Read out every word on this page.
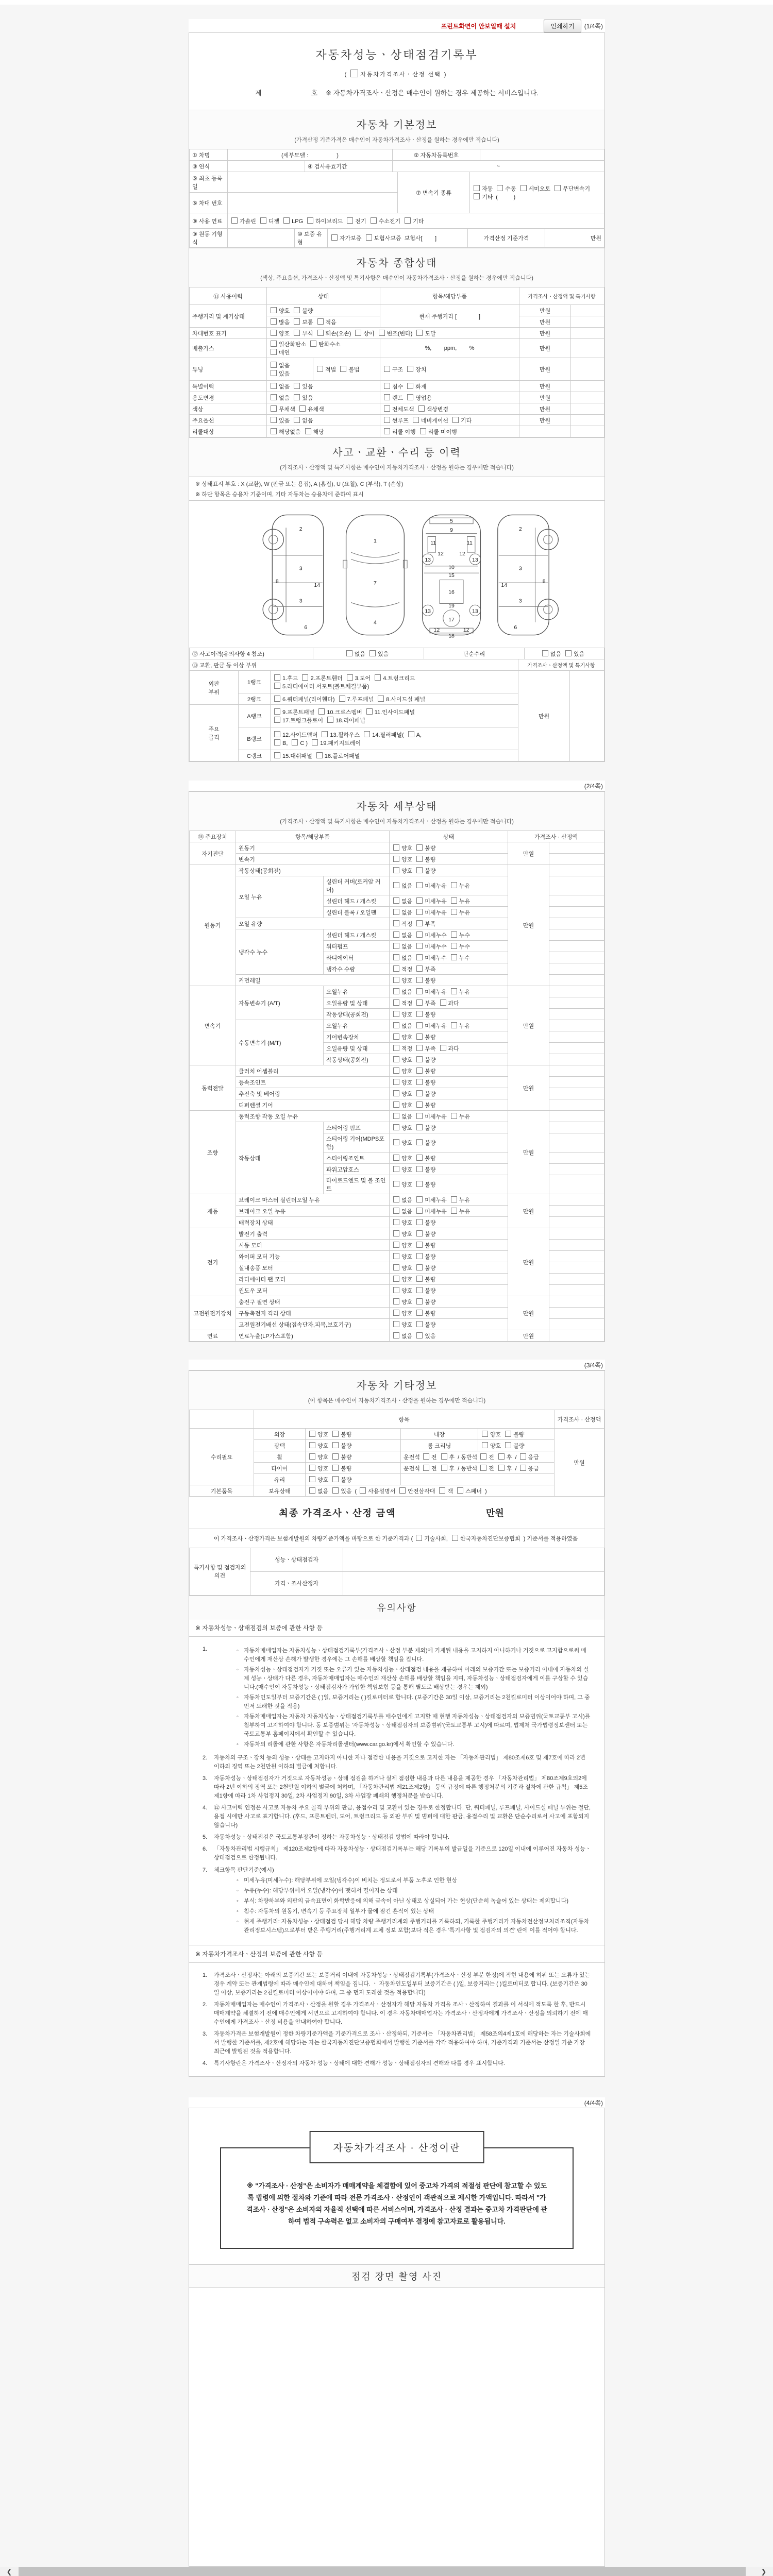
프린트화면이 안보일때 설치	인쇄하기	(1/4쪽)
자동차성능ㆍ상태점검기록부
( 자동차가격조사ㆍ산정 선택 )
제	호 ※ 자동차가격조사ㆍ산정은 매수인이 원하는 경우 제공하는 서비스입니다.
자동차 기본정보
(가격산정 기준가격은 매수인이 자동차가격조사ㆍ산정을 원하는 경우에만 적습니다)
① 차명	(세부모델 :                  )	② 자동차등록번호	
③ 연식		④ 검사유효기간	~
⑤ 최초 등록일		⑦ 변속기 종류	자동 수동 세미오토 무단변속기
기타 (          )
⑥ 차대 번호			
⑧ 사용 연료	가솔린 디젤 LPG 하이브리드 전기 수소전기 기타
⑨ 원동 기형식		⑩ 보증 유형	자가보증 보험사보증 보험사[        ]	가격산정 기준가격	만원
자동차 종합상태
(색상, 주요옵션, 가격조사ㆍ산정액 및 특기사항은 매수인이 자동차가격조사ㆍ산정을 원하는 경우에만 적습니다)
⑪ 사용이력	상태		항목/해당부품	가격조사ㆍ산정액 및 특기사항	
주행거리 및 계기상태	양호 불량		현재 주행거리 [              ]	만원	
	많음 보통 적음			만원	
차대번호 표기	양호 부식 훼손(오손) 상이 변조(변타) 도말			만원	
배출가스	일산화탄소 탄화수소
매연		%,        ppm,        %	만원	
튜닝	없음
있음	적법 불법	구조 장치	만원	
특별이력	없음 있음		침수 화재	만원	
용도변경	없음 있음		렌트 영업용	만원	
색상	무채색 유채색		전체도색 색상변경	만원	
주요옵션	있음 없음		썬루프 네비게이션 기타	만원	
리콜대상	해당없음 해당		리콜 이행 리콜 미이행		
사고ㆍ교환ㆍ수리 등 이력
(가격조사ㆍ산정액 및 특기사항은 매수인이 자동차가격조사ㆍ산정을 원하는 경우에만 적습니다)
※ 상태표시 부호 : X (교환), W (판금 또는 용접), A (흠집), U (요철), C (부식), T (손상)
※ 하단 항목은 승용차 기준이며, 기타 자동차는 승용차에 준하여 표시
2
3
8
14
3
6
1
7
4
5
9
11	11
12	12
13	13
10
15
16
19
13	13
17
12	12
18
2
3
8
14
3
6
⑫ 사고이력(유의사항 4 참조)	없음 있음	단순수리	없음 있음
⑬ 교환, 판금 등 이상 부위			가격조사ㆍ산정액 및 특기사항	

외판
부위
	1랭크	1.후드 2.프론트휀더 3.도어 4.트렁크리드
5.라디에이터 서포트(볼트체결부품)	만원	
	2랭크	6.쿼터패널(리어휀다) 7.루프패널 8.사이드실 패널		

주요
골격
	A랭크	9.프론트패널 10.크로스멤버 11.인사이드패널
17.트렁크플로어 18.리어패널
	B랭크	12.사이드멤버 13.휠하우스 14.필러패널( A,
B, C ) 19.패키지트레이		
	C랭크	15.대쉬패널 16.플로어패널		
(2/4쪽)
자동차 세부상태
(가격조사ㆍ산정액 및 특기사항은 매수인이 자동차가격조사ㆍ산정을 원하는 경우에만 적습니다)
⑭ 주요장치	항목/해당부품		상태	가격조사 · 산정액	
자기진단	원동기		양호 불량	만원	
	변속기		양호 불량		
원동기	작동상태(공회전)		양호 불량	만원	
	오일 누유	실린더 커버(로커암 커버)	없음 미세누유 누유		
		실린더 헤드 / 개스킷	없음 미세누유 누유		
		실린더 블록 / 오일팬	없음 미세누유 누유		
	오일 유량		적정 부족		
	냉각수 누수	실린더 헤드 / 개스킷	없음 미세누수 누수		
		워터펌프	없음 미세누수 누수		
		라디에이터	없음 미세누수 누수		
		냉각수 수량	적정 부족		
	커먼레일		양호 불량		
변속기	자동변속기 (A/T)	오일누유	없음 미세누유 누유	만원	
		오일유량 및 상태	적정 부족 과다		
		작동상태(공회전)	양호 불량		
	수동변속기 (M/T)	오일누유	없음 미세누유 누유		
		기어변속장치	양호 불량		
		오일유량 및 상태	적정 부족 과다		
		작동상태(공회전)	양호 불량		
동력전달	클러치 어셈블리		양호 불량	만원	
	등속조인트		양호 불량		
	추진축 및 베어링		양호 불량		
	디퍼렌셜 기어		양호 불량		
조향	동력조향 작동 오일 누유		없음 미세누유 누유	만원	
	작동상태	스티어링 펌프	양호 불량		
		스티어링 기어(MDPS포함)	양호 불량		
		스티어링조인트	양호 불량		
		파워고압호스	양호 불량		
		타이로드엔드 및 볼 조인트	양호 불량		
제동	브레이크 마스터 실린더오일 누유		없음 미세누유 누유	만원	
	브레이크 오일 누유		없음 미세누유 누유		
	배력장치 상태		양호 불량		
전기	발전기 출력		양호 불량	만원	
	시동 모터		양호 불량		
	와이퍼 모터 기능		양호 불량		
	실내송풍 모터		양호 불량		
	라디에이터 팬 모터		양호 불량		
	윈도우 모터		양호 불량		
고전원전기장치	충전구 절연 상태		양호 불량	만원	
	구동축전지 격리 상태		양호 불량		
	고전원전기배선 상태(접속단자,피복,보호기구)		양호 불량		
연료	연료누출(LP가스포함)		없음 있음	만원	
(3/4쪽)
자동차 기타정보
(이 항목은 매수인이 자동차가격조사ㆍ산정을 원하는 경우에만 적습니다)
	항목				가격조사 · 산정액
수리필요	외장	양호 불량	내장	양호 불량	만원
	광택	양호 불량	룸 크리닝	양호 불량	
	휠	양호 불량	운전석 전 후 / 동반석 전 후 / 응급		
	타이어	양호 불량	운전석 전 후 / 동반석 전 후 / 응급		
	유리	양호 불량			
기본품목	보유상태	없음 있음 ( 사용설명서 안전삼각대 잭 스패너 )			
최종 가격조사ㆍ산정 금액	만원
이 가격조사ㆍ산정가격은 보험개발원의 차량기준가액을 바탕으로 한 기준가격과 ( 기술사회, 한국자동차진단보증협회 ) 기준서를 적용하였음
특기사항 및 점검자의 의견	성능ㆍ상태점검자	
	가격ㆍ조사산정자	
유의사항
※ 자동차성능ㆍ상태점검의 보증에 관한 사항 등
1.	◦ 자동차매매업자는 자동차성능ㆍ상태점검기록부(가격조사ㆍ산정 부분 제외)에 기재된 내용을 고지하지 아니하거나 거짓으로 고지함으로써 매수인에게 재산상 손해가 발생한 경우에는 그 손해를 배상할 책임을 집니다.
◦ 자동차성능ㆍ상태점검자가 거짓 또는 오류가 있는 자동차성능ㆍ상태점검 내용을 제공하여 아래의 보증기간 또는 보증거리 이내에 자동차의 실제 성능ㆍ상태가 다른 경우, 자동차매매업자는 매수인의 재산상 손해를 배상할 책임을 지며, 자동차성능ㆍ상태점검자에게 이를 구상할 수 있습니다.(매수인이 자동차성능ㆍ상태점검자가 가입한 책임보험 등을 통해 별도로 배상받는 경우는 제외)
◦ 자동차인도일부터 보증기간은 ( )일, 보증거리는 ( )킬로미터로 합니다. (보증기간은 30일 이상, 보증거리는 2천킬로미터 이상이어야 하며, 그 중 먼저 도래한 것을 적용)
◦ 자동차매매업자는 자동차 자동차성능ㆍ상태점검기록부를 매수인에게 고지할 때 현행 자동차성능ㆍ상태점검자의 보증범위(국토교통부 고시)를 첨부하여 고지하여야 합니다. 동 보증범위는 '자동차성능ㆍ상태점검자의 보증범위'(국토교통부 고시)에 따르며, 법제처 국가법령정보센터 또는 국토교통부 홈페이지에서 확인할 수 있습니다.
◦ 자동차의 리콜에 관한 사항은 자동차리콜센터(www.car.go.kr)에서 확인할 수 있습니다.
2.	자동차의 구조ㆍ장치 등의 성능ㆍ상태를 고지하지 아니한 자나 점검한 내용을 거짓으로 고지한 자는 「자동차관리법」 제80조제6호 및 제7호에 따라 2년 이하의 징역 또는 2천만원 이하의 벌금에 처합니다.
3.	자동차성능ㆍ상태점검자가 거짓으로 자동차성능ㆍ상태 점검을 하거나 실제 점검한 내용과 다른 내용을 제공한 경우 「자동차관리법」 제80조제9호의2에 따라 2년 이하의 징역 또는 2천만원 이하의 벌금에 처하며, 「자동차관리법 제21조제2항」 등의 규정에 따른 행정처분의 기준과 절차에 관한 규칙」 제5조제1항에 따라 1차 사업정지 30일, 2차 사업정지 90일, 3차 사업장 폐쇄의 행정처분을 받습니다.
4.	⑫ 사고이력 인정은 사고로 자동차 주요 골격 부위의 판금, 용접수리 및 교환이 있는 경우로 한정합니다. 단, 쿼터패널, 루프패널, 사이드실 패널 부위는 절단, 용접 시에만 사고로 표기합니다. (후드, 프론트펜더, 도어, 트렁크리드 등 외판 부위 및 범퍼에 대한 판금, 용접수리 및 교환은 단순수리로서 사고에 포함되지 않습니다)
5.	자동차성능ㆍ상태점검은 국토교통부장관이 정하는 자동차성능ㆍ상태점검 방법에 따라야 합니다.
6.	「자동차관리법 시행규칙」 제120조제2항에 따라 자동차성능ㆍ상태점검기록부는 해당 기록부의 발급일을 기준으로 120일 이내에 이루어진 자동차 성능ㆍ상태점검으로 한정됩니다.
7.	체크항목 판단기준(예시)
◦ 미세누유(미세누수): 해당부위에 오일(냉각수)이 비치는 정도로서 부품 노후로 인한 현상
◦ 누유(누수): 해당부위에서 오일(냉각수)이 맺혀서 떨어지는 상태
◦ 부식: 차량하부와 외판의 금속표면이 화학반응에 의해 금속이 아닌 상태로 상실되어 가는 현상(단순히 녹슬어 있는 상태는 제외합니다)
◦ 침수: 자동차의 원동기, 변속기 등 주요장치 일부가 물에 잠긴 흔적이 있는 상태
◦ 현재 주행거리: 자동차성능ㆍ상태점검 당시 해당 차량 주행거리계의 주행거리를 기록하되, 기록한 주행거리가 자동차전산정보처리조직(자동차관리정보시스템)으로부터 받은 주행거리(주행거리계 교체 정보 포함)보다 적은 경우 '특기사항 및 점검자의 의견' 란에 이를 적어야 합니다.
※ 자동차가격조사ㆍ산정의 보증에 관한 사항 등
1.	가격조사ㆍ산정자는 아래의 보증기간 또는 보증거리 이내에 자동차성능ㆍ상태점검기록부(가격조사ㆍ산정 부분 한정)에 적힌 내용에 허위 또는 오류가 있는 경우 계약 또는 관계법령에 따라 매수인에 대하여 책임을 집니다. ㆍ 자동차인도일부터 보증기간은 ( )일, 보증거리는 ( )킬로미터로 합니다. (보증기간은 30일 이상, 보증거리는 2천킬로미터 이상이어야 하며, 그 중 먼저 도래한 것을 적용합니다)
2.	자동차매매업자는 매수인이 가격조사ㆍ산정을 원할 경우 가격조사ㆍ산정자가 해당 자동차 가격을 조사ㆍ산정하여 결과를 이 서식에 적도록 한 후, 반드시 매매계약을 체결하기 전에 매수인에게 서면으로 고지하여야 합니다. 이 경우 자동차매매업자는 가격조사ㆍ산정자에게 가격조사ㆍ산정을 의뢰하기 전에 매수인에게 가격조사ㆍ산정 비용을 안내하여야 합니다.
3.	자동차가격은 보험개발원이 정한 차량기준가액을 기준가격으로 조사ㆍ산정하되, 기준서는 「자동차관리법」 제58조의4제1호에 해당하는 자는 기술사회에서 발행한 기준서를, 제2호에 해당하는 자는 한국자동차진단보증협회에서 발행한 기준서를 각각 적용하여야 하며, 기준가격과 기준서는 산정일 기준 가장 최근에 발행된 것을 적용합니다.
4.	특기사항란은 가격조사ㆍ산정자의 자동차 성능ㆍ상태에 대한 견해가 성능ㆍ상태점검자의 견해와 다를 경우 표시합니다.
(4/4쪽)
자동차가격조사 · 산정이란
※ "가격조사 · 산정"은 소비자가 매매계약을 체결함에 있어 중고차 가격의 적절성 판단에 참고할 수 있도록 법령에 의한 절차와 기준에 따라 전문 가격조사 · 산정인이 객관적으로 제시한 가액입니다. 따라서 "가격조사 · 산정"은 소비자의 자율적 선택에 따른 서비스이며, 가격조사 · 산정 결과는 중고차 가격판단에 관하여 법적 구속력은 없고 소비자의 구매여부 결정에 참고자료로 활용됩니다.
점검 장면 촬영 사진
❮	❯
